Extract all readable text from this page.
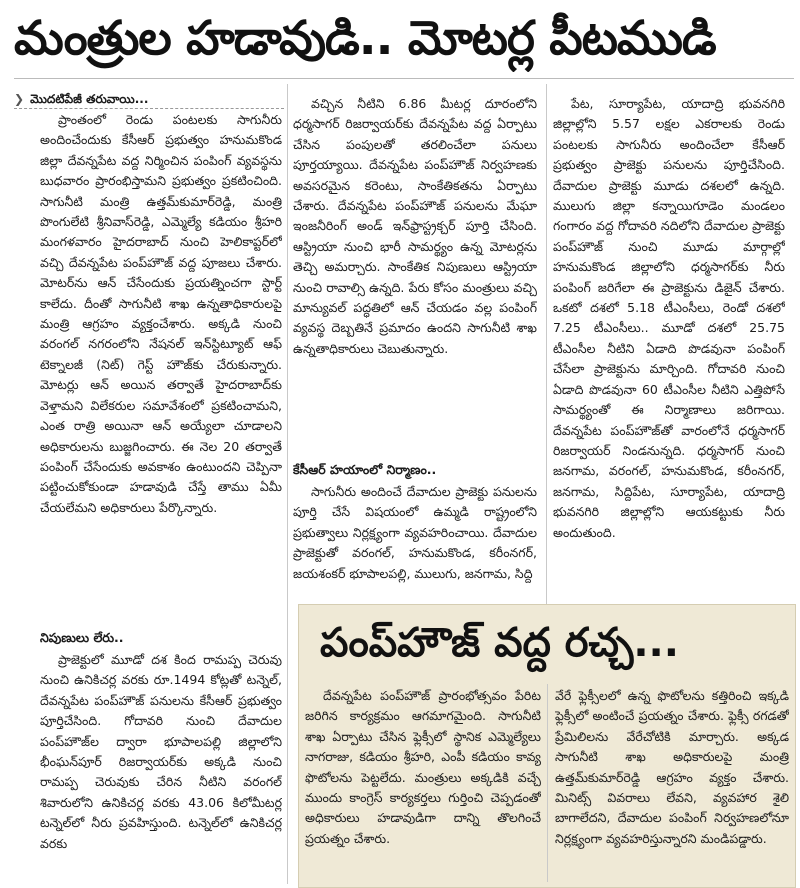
మంత్రుల హడావుడి.. మోటర్ల పీటముడి
❯ మొదటిపేజీ తరువాయి...

ప్రాంతంలో రెండు పంటలకు సాగునీరు అందించేందుకు కేసీఆర్ ప్రభుత్వం హనుమకొండ జిల్లా దేవన్నపేట వద్ద నిర్మించిన పంపింగ్ వ్యవస్థను బుధవారం ప్రారంభిస్తామని ప్రభుత్వం ప్రకటించింది. సాగునీటి మంత్రి ఉత్తమ్‌కుమార్‌రెడ్డి, మంత్రి పొంగులేటి శ్రీనివాస్‌రెడ్డి, ఎమ్మెల్యే కడియం శ్రీహరి మంగళవారం హైదరాబాద్ నుంచి హెలికాప్టర్‌లో వచ్చి దేవన్నపేట పంప్‌హౌజ్ వద్ద పూజలు చేశారు. మోటర్‌ను ఆన్ చేసేందుకు ప్రయత్నించగా స్టార్ట్ కాలేదు. దీంతో సాగునీటి శాఖ ఉన్నతాధికారులపై మంత్రి ఆగ్రహం వ్యక్తంచేశారు. అక్కడి నుంచి వరంగల్ నగరంలోని నేషనల్ ఇన్‌స్టిట్యూట్ ఆఫ్ టెక్నాలజీ (నిట్) గెస్ట్ హౌజ్‌కు చేరుకున్నారు. మోటర్లు ఆన్ అయిన తర్వాతే హైదరాబాద్‌కు వెళ్తామని విలేకరుల సమావేశంలో ప్రకటించామని, ఎంత రాత్రి అయినా ఆన్ అయ్యేలా చూడాలని అధికారులను బుజ్జగించారు. ఈ నెల 20 తర్వాతే పంపింగ్ చేసేందుకు అవకాశం ఉంటుందని చెప్పినా పట్టించుకోకుండా హడావుడి చేస్తే తాము ఏమీ చేయలేమని అధికారులు పేర్కొన్నారు.

వచ్చిన నీటిని 6.86 మీటర్ల దూరంలోని ధర్మసాగర్ రిజర్వాయర్‌కు దేవన్నపేట వద్ద ఏర్పాటు చేసిన పంపులతో తరలించేలా పనులు పూర్తయ్యాయి. దేవన్నపేట పంప్‌హౌజ్ నిర్వహణకు అవసరమైన కరెంటు, సాంకేతికతను ఏర్పాటు చేశారు. దేవన్నపేట పంప్‌హౌజ్ పనులను మేఘా ఇంజనీరింగ్ అండ్ ఇన్‌ఫ్రాస్ట్రక్చర్ పూర్తి చేసింది. ఆస్ట్రియా నుంచి భారీ సామర్థ్యం ఉన్న మోటర్లను తెచ్చి అమర్చారు. సాంకేతిక నిపుణులు ఆస్ట్రియా నుంచి రావాల్సి ఉన్నది. పేరు కోసం మంత్రులు వచ్చి మాన్యువల్ పద్ధతిలో ఆన్ చేయడం వల్ల పంపింగ్ వ్యవస్థ దెబ్బతినే ప్రమాదం ఉందని సాగునీటి శాఖ ఉన్నతాధికారులు చెబుతున్నారు.

కేసీఆర్ హయాంలో నిర్మాణం..

సాగునీరు అందించే దేవాదుల ప్రాజెక్టు పనులను పూర్తి చేసే విషయంలో ఉమ్మడి రాష్ట్రంలోని ప్రభుత్వాలు నిర్లక్ష్యంగా వ్యవహరించాయి. దేవాదుల ప్రాజెక్టుతో వరంగల్, హనుమకొండ, కరీంనగర్, జయశంకర్ భూపాలపల్లి, ములుగు, జనగామ, సిద్ది

పేట, సూర్యాపేట, యాదాద్రి భువనగిరి జిల్లాల్లోని 5.57 లక్షల ఎకరాలకు రెండు పంటలకు సాగునీరు అందించేలా కేసీఆర్ ప్రభుత్వం ప్రాజెక్టు పనులను పూర్తిచేసింది. దేవాదుల ప్రాజెక్టు మూడు దశలలో ఉన్నది. ములుగు జిల్లా కన్నాయిగూడెం మండలం గంగారం వద్ద గోదావరి నదిలోని దేవాదుల ప్రాజెక్టు పంప్‌హౌజ్ నుంచి మూడు మార్గాల్లో హనుమకొండ జిల్లాలోని ధర్మసాగర్‌కు నీరు పంపింగ్ జరిగేలా ఈ ప్రాజెక్టును డిజైన్ చేశారు. ఒకటో దశలో 5.18 టీఎంసీలు, రెండో దశలో 7.25 టీఎంసీలు.. మూడో దశలో 25.75 టీఎంసీల నీటిని ఏడాది పొడవునా పంపింగ్ చేసేలా ప్రాజెక్టును మార్చింది. గోదావరి నుంచి ఏడాది పొడవునా 60 టీఎంసీల నీటిని ఎత్తిపోసే సామర్థ్యంతో ఈ నిర్మాణాలు జరిగాయి. దేవన్నపేట పంప్‌హౌజ్‌తో వారంలోనే ధర్మసాగర్ రిజర్వాయర్ నిండనున్నది. ధర్మసాగర్ నుంచి జనగామ, వరంగల్, హనుమకొండ, కరీంనగర్, జనగామ, సిద్దిపేట, సూర్యాపేట, యాదాద్రి భువనగిరి జిల్లాల్లోని ఆయకట్టుకు నీరు అందుతుంది.

నిపుణులు లేరు..

ప్రాజెక్టులో మూడో దశ కింద రామప్ప చెరువు నుంచి ఉనికిచర్ల వరకు రూ.1494 కోట్లతో టన్నెల్, దేవన్నపేట పంప్‌హౌజ్ పనులను కేసీఆర్ ప్రభుత్వం పూర్తిచేసింది. గోదావరి నుంచి దేవాదుల పంప్‌హౌజ్‌ల ద్వారా భూపాలపల్లి జిల్లాలోని భీంఘన్‌పూర్ రిజర్వాయర్‌కు అక్కడి నుంచి రామప్ప చెరువుకు చేరిన నీటిని వరంగల్ శివారులోని ఉనికిచర్ల వరకు 43.06 కిలోమీటర్ల టన్నెల్‌లో నీరు ప్రవహిస్తుంది. టన్నెల్‌లో ఉనికిచర్ల వరకు

పంప్‌హౌజ్ వద్ద రచ్చ...

దేవన్నపేట పంప్‌హౌజ్ ప్రారంభోత్సవం పేరిట జరిగిన కార్యక్రమం ఆగమాగమైంది. సాగునీటి శాఖ ఏర్పాటు చేసిన ఫ్లెక్సీలో స్థానిక ఎమ్మెల్యేలు నాగరాజు, కడియం శ్రీహరి, ఎంపీ కడియం కావ్య ఫొటోలను పెట్టలేదు. మంత్రులు అక్కడికి వచ్చే ముందు కాంగ్రెస్ కార్యకర్తలు గుర్తించి చెప్పడంతో అధికారులు హడావుడిగా దాన్ని తొలగించే ప్రయత్నం చేశారు.

వేరే ఫ్లెక్సీలలో ఉన్న ఫొటోలను కత్తిరించి ఇక్కడి ఫ్లెక్సీలో అంటించే ప్రయత్నం చేశారు. ఫ్లెక్సీ రగడతో ప్రేమిలిలను వేరేచోటికి మార్చారు. అక్కడ సాగునీటి శాఖ అధికారులపై మంత్రి ఉత్తమ్‌కుమార్‌రెడ్డి ఆగ్రహం వ్యక్తం చేశారు. మినిట్స్ వివరాలు లేవని, వ్యవహార శైలి బాగాలేదని, దేవాదుల పంపింగ్ నిర్వహణలోనూ నిర్లక్ష్యంగా వ్యవహరిస్తున్నారని మండిపడ్డారు.
